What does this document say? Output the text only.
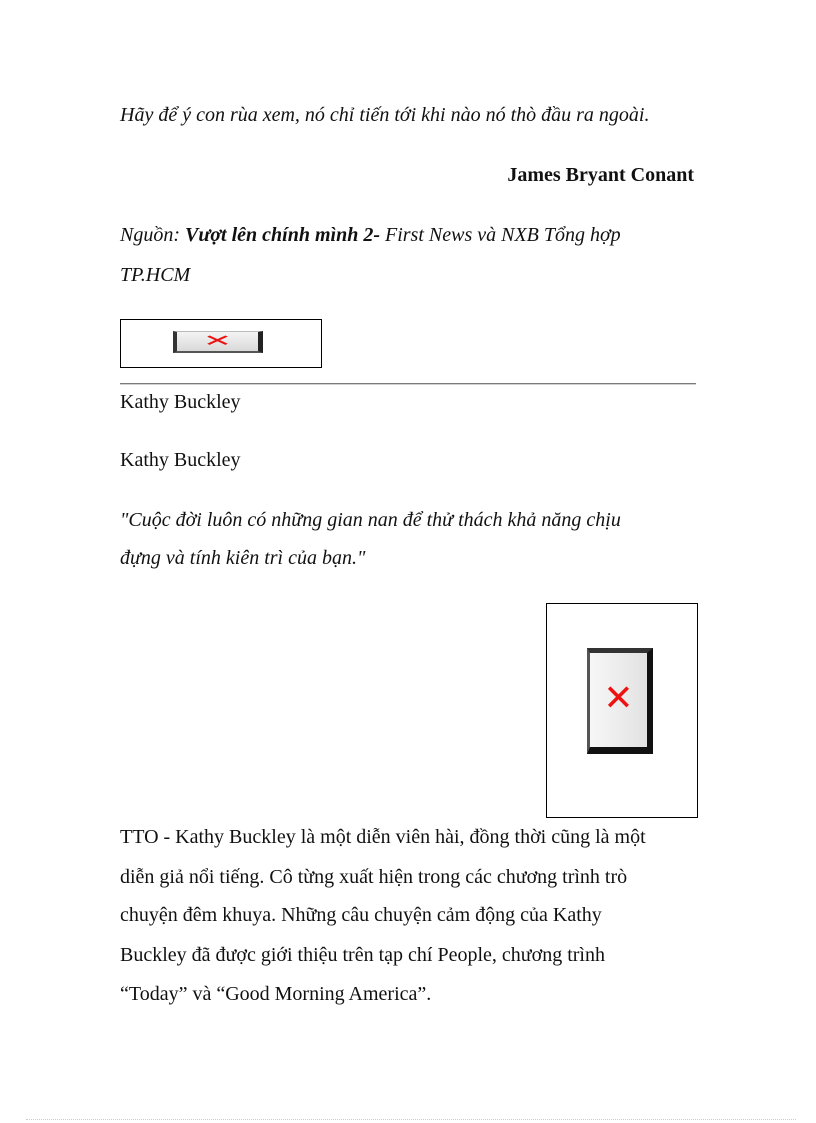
Hãy để ý con rùa xem, nó chỉ tiến tới khi nào nó thò đầu ra ngoài.
James Bryant Conant
Nguồn: Vượt lên chính mình 2- First News và NXB Tổng hợp
TP.HCM
✕
Kathy Buckley
Kathy Buckley
"Cuộc đời luôn có những gian nan để thử thách khả năng chịu
đựng và tính kiên trì của bạn."
✕
TTO - Kathy Buckley là một diễn viên hài, đồng thời cũng là một
diễn giả nổi tiếng. Cô từng xuất hiện trong các chương trình trò
chuyện đêm khuya. Những câu chuyện cảm động của Kathy
Buckley đã được giới thiệu trên tạp chí People, chương trình
“Today” và “Good Morning America”.
